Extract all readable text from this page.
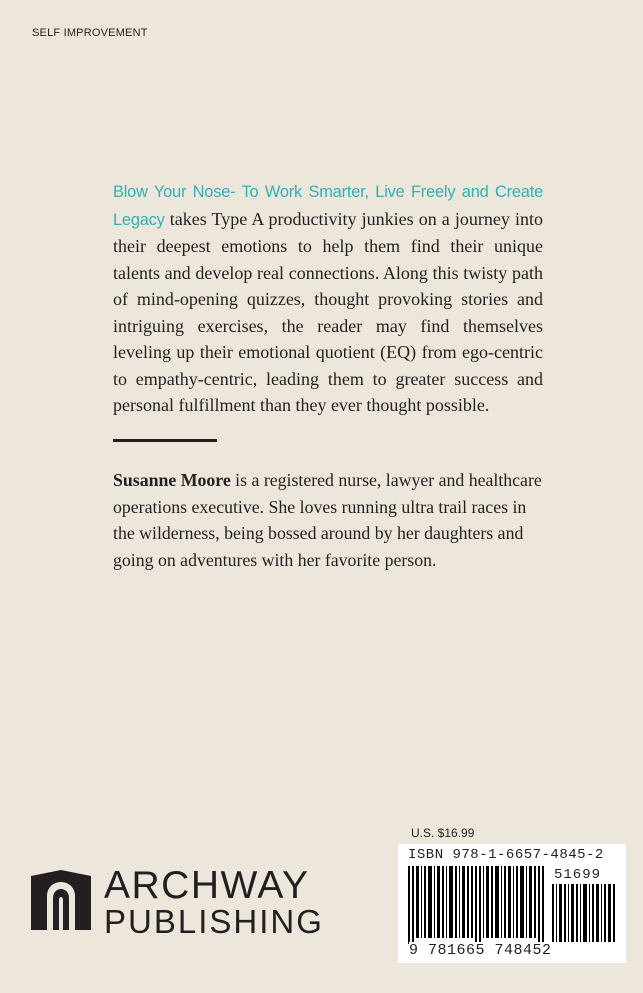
SELF IMPROVEMENT
Blow Your Nose- To Work Smarter, Live Freely and Create Legacy takes Type A productivity junkies on a journey into their deepest emotions to help them find their unique talents and develop real connections. Along this twisty path of mind-opening quizzes, thought provoking stories and intriguing exercises, the reader may find themselves leveling up their emotional quotient (EQ) from ego-centric to empathy-centric, leading them to greater success and personal fulfillment than they ever thought possible.
Susanne Moore is a registered nurse, lawyer and healthcare operations executive. She loves running ultra trail races in the wilderness, being bossed around by her daughters and going on adventures with her favorite person.
U.S. $16.99
ISBN 978-1-6657-4845-2
51699
9 781665 748452
ARCHWAY
PUBLISHING
